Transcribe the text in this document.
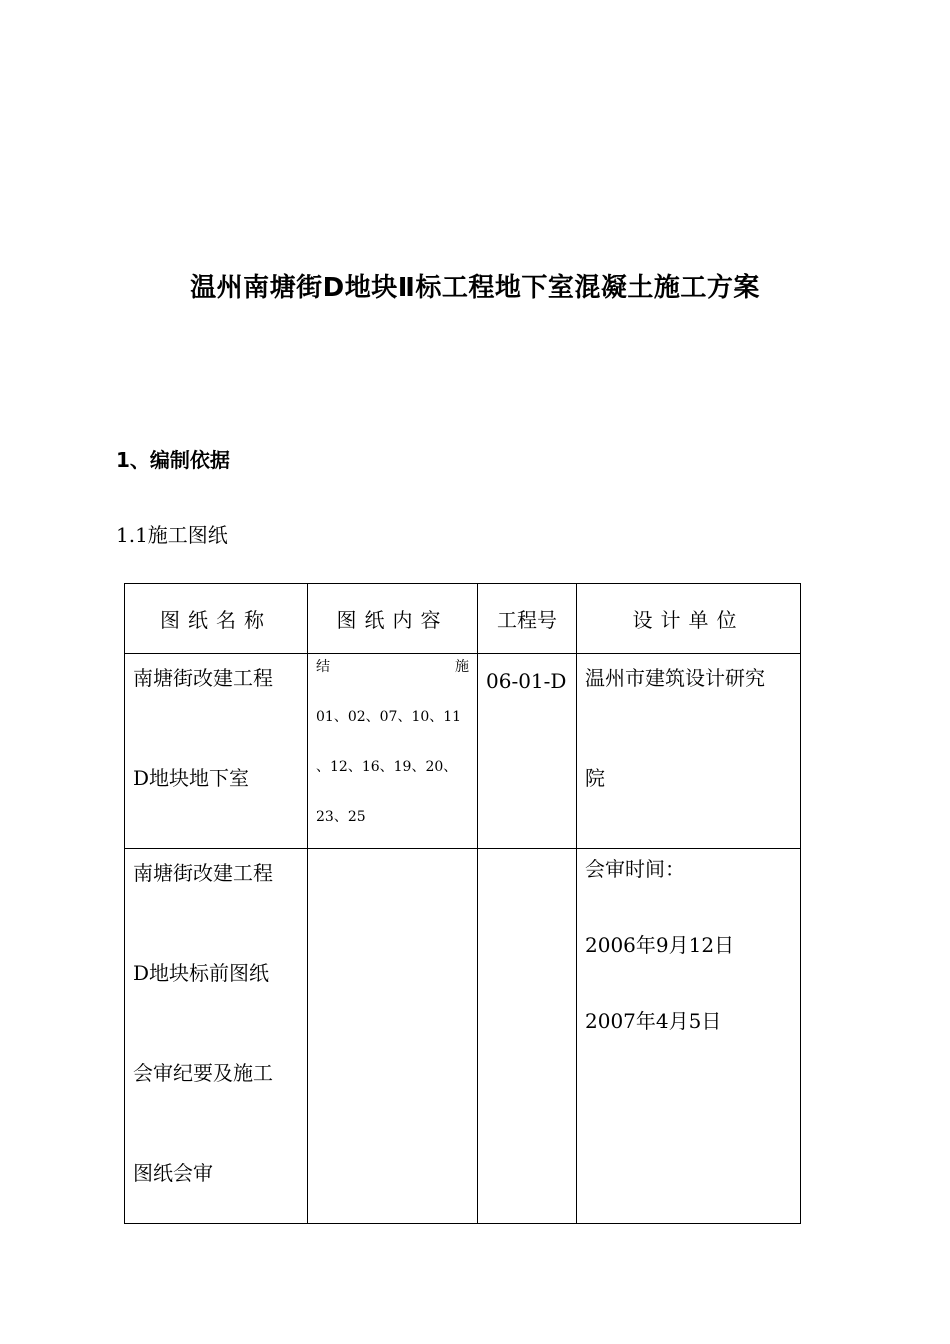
温州南塘街D地块Ⅱ标工程地下室混凝土施工方案
1、编制依据
1.1施工图纸
图纸名称	图纸内容	工程号	设计单位

南塘街改建工程
D地块地下室	结 施
01、02、07、10、11
、12、16、19、20、
23、25	06-01-D	温州市建筑设计研究
院

南塘街改建工程
D地块标前图纸
会审纪要及施工
图纸会审			会审时间：
2006年9月12日
2007年4月5日
